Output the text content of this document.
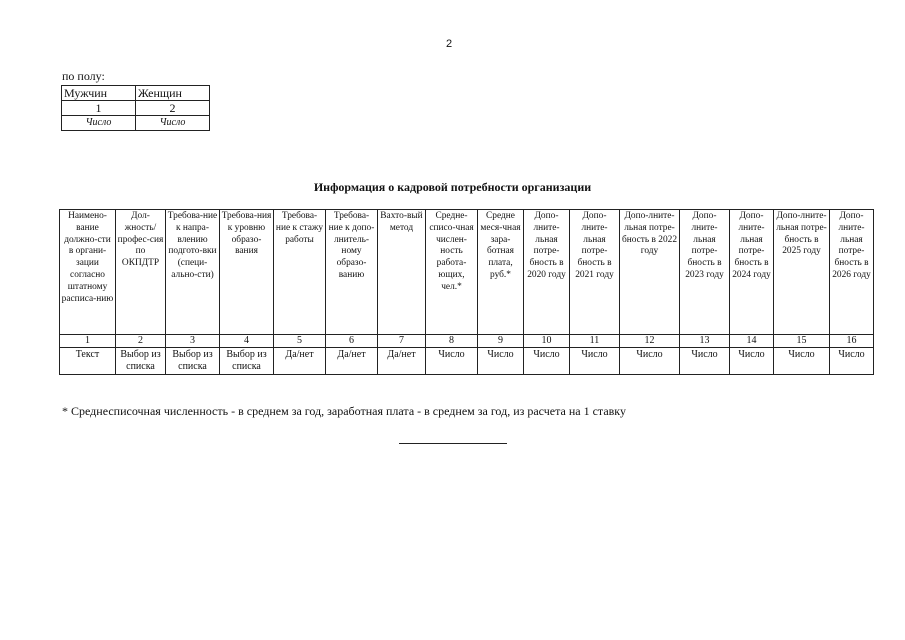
2
по полу:
Мужчин	Женщин
1	2
Число	Число
Информация о кадровой потребности организации
Наимено-вание должно-сти в органи-зации согласно штатному расписа-нию	Дол-жность/ профес-сия по ОКПДТР	Требова-ние к напра-влению подгото-вки (специ-ально-сти)	Требова-ния к уровню образо-вания	Требова-ние к стажу работы	Требова-ние к допо-лнитель-ному образо-ванию	Вахто-вый метод	Средне-списо-чная числен-ность работа-ющих, чел.*	Средне меся-чная зара-ботная плата, руб.*	Допо-лните-льная потре-бность в 2020 году	Допо-лните-льная потре-бность в 2021 году	Допо-лните-льная потре-бность в 2022 году	Допо-лните-льная потре-бность в 2023 году	Допо-лните-льная потре-бность в 2024 году	Допо-лните-льная потре-бность в 2025 году	Допо-лните-льная потре-бность в 2026 году
1	2	3	4	5	6	7	8	9	10	11	12	13	14	15	16
Текст	Выбор из списка	Выбор из списка	Выбор из списка	Да/нет	Да/нет	Да/нет	Число	Число	Число	Число	Число	Число	Число	Число	Число
* Среднесписочная численность - в среднем за год, заработная плата - в среднем за год, из расчета на 1 ставку
